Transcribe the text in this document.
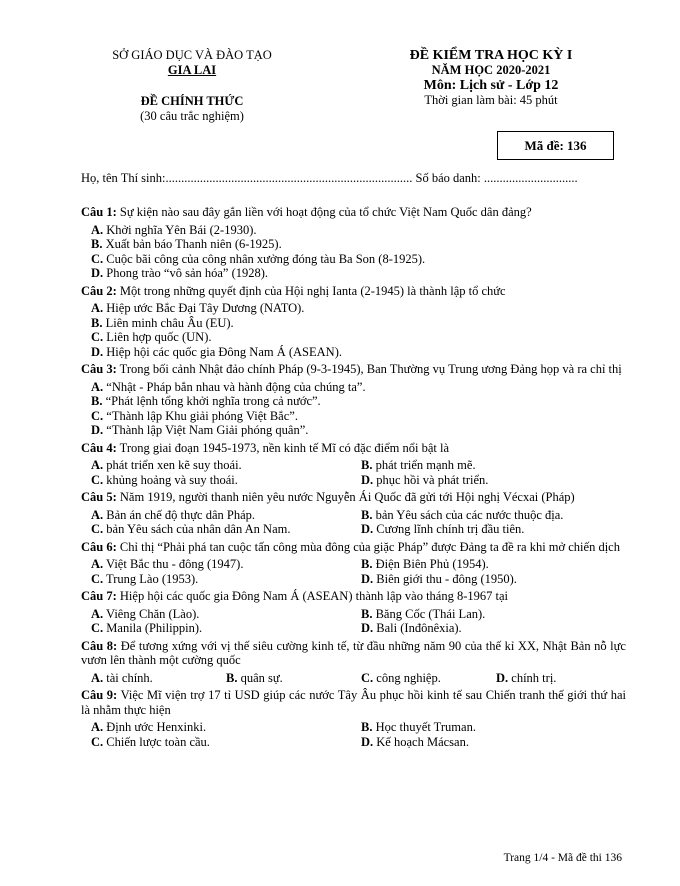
SỞ GIÁO DỤC VÀ ĐÀO TẠO
GIA LAI
ĐỀ CHÍNH THỨC
(30 câu trắc nghiệm)
ĐỀ KIỂM TRA HỌC KỲ I
NĂM HỌC 2020-2021
Môn: Lịch sử - Lớp 12
Thời gian làm bài: 45 phút
Mã đề: 136
Họ, tên Thí sinh:............................................................................... Số báo danh: ..............................
Câu 1: Sự kiện nào sau đây gắn liền với hoạt động của tổ chức Việt Nam Quốc dân đảng?
A. Khởi nghĩa Yên Bái (2-1930).
B. Xuất bản báo Thanh niên (6-1925).
C. Cuộc bãi công của công nhân xưởng đóng tàu Ba Son (8-1925).
D. Phong trào “vô sản hóa” (1928).
Câu 2: Một trong những quyết định của Hội nghị Ianta (2-1945) là thành lập tổ chức
A. Hiệp ước Bắc Đại Tây Dương (NATO).
B. Liên minh châu Âu (EU).
C. Liên hợp quốc (UN).
D. Hiệp hội các quốc gia Đông Nam Á (ASEAN).
Câu 3: Trong bối cảnh Nhật đảo chính Pháp (9-3-1945), Ban Thường vụ Trung ương Đảng họp và ra chỉ thị
A. “Nhật - Pháp bắn nhau và hành động của chúng ta”.
B. “Phát lệnh tổng khởi nghĩa trong cả nước”.
C. “Thành lập Khu giải phóng Việt Bắc”.
D. “Thành lập Việt Nam Giải phóng quân”.
Câu 4: Trong giai đoạn 1945-1973, nền kinh tế Mĩ có đặc điểm nổi bật là
A. phát triển xen kẽ suy thoái.	B. phát triển mạnh mẽ.
C. khủng hoảng và suy thoái.	D. phục hồi và phát triển.
Câu 5: Năm 1919, người thanh niên yêu nước Nguyễn Ái Quốc đã gửi tới Hội nghị Vécxai (Pháp)
A. Bản án chế độ thực dân Pháp.	B. bản Yêu sách của các nước thuộc địa.
C. bản Yêu sách của nhân dân An Nam.	D. Cương lĩnh chính trị đầu tiên.
Câu 6: Chỉ thị “Phải phá tan cuộc tấn công mùa đông của giặc Pháp” được Đảng ta đề ra khi mở chiến dịch
A. Việt Bắc thu - đông (1947).	B. Điện Biên Phủ (1954).
C. Trung Lào (1953).	D. Biên giới thu - đông (1950).
Câu 7: Hiệp hội các quốc gia Đông Nam Á (ASEAN) thành lập vào tháng 8-1967 tại
A. Viêng Chăn (Lào).	B. Băng Cốc (Thái Lan).
C. Manila (Philippin).	D. Bali (Inđônêxia).
Câu 8: Để tương xứng với vị thế siêu cường kinh tế, từ đầu những năm 90 của thế kỉ XX, Nhật Bản nỗ lực vươn lên thành một cường quốc
A. tài chính.	B. quân sự.	C. công nghiệp.	D. chính trị.
Câu 9: Việc Mĩ viện trợ 17 tỉ USD giúp các nước Tây Âu phục hồi kinh tế sau Chiến tranh thế giới thứ hai là nhằm thực hiện
A. Định ước Henxinki.	B. Học thuyết Truman.
C. Chiến lược toàn cầu.	D. Kế hoạch Mácsan.
Trang 1/4 - Mã đề thi 136
